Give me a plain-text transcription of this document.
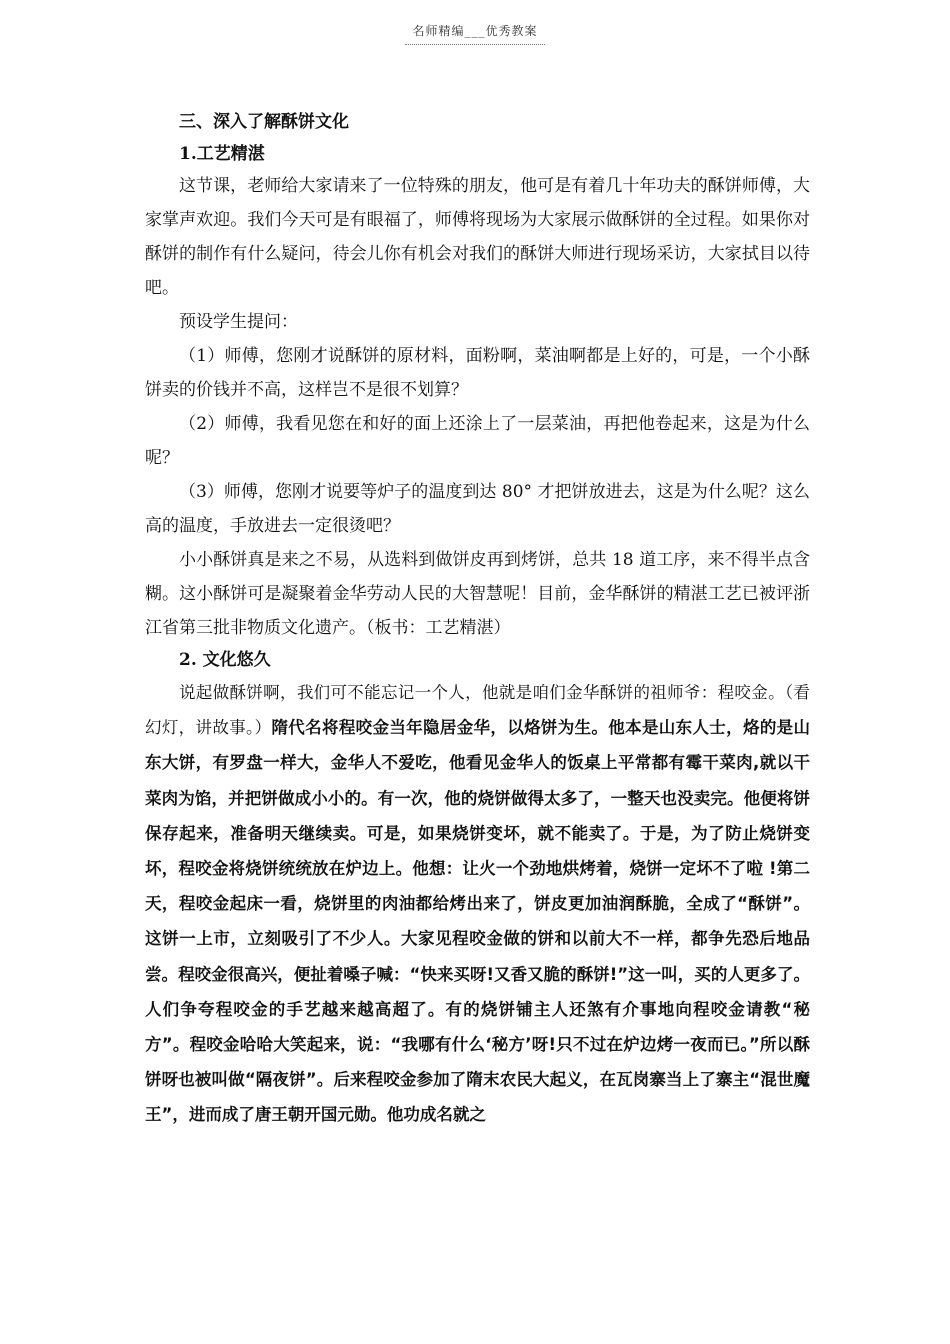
名师精编___优秀教案

三、深入了解酥饼文化

1.工艺精湛

这节课，老师给大家请来了一位特殊的朋友，他可是有着几十年功夫的酥饼师傅，大家掌声欢迎。我们今天可是有眼福了，师傅将现场为大家展示做酥饼的全过程。如果你对酥饼的制作有什么疑问，待会儿你有机会对我们的酥饼大师进行现场采访，大家拭目以待吧。

预设学生提问：

（1）师傅，您刚才说酥饼的原材料，面粉啊，菜油啊都是上好的，可是，一个小酥饼卖的价钱并不高，这样岂不是很不划算？

（2）师傅，我看见您在和好的面上还涂上了一层菜油，再把他卷起来，这是为什么呢？

（3）师傅，您刚才说要等炉子的温度到达 80° 才把饼放进去，这是为什么呢？这么高的温度，手放进去一定很烫吧？

小小酥饼真是来之不易，从选料到做饼皮再到烤饼，总共 18 道工序，来不得半点含糊。这小酥饼可是凝聚着金华劳动人民的大智慧呢！目前，金华酥饼的精湛工艺已被评浙江省第三批非物质文化遗产。（板书：工艺精湛）

2. 文化悠久

说起做酥饼啊，我们可不能忘记一个人，他就是咱们金华酥饼的祖师爷：程咬金。（看幻灯，讲故事。）隋代名将程咬金当年隐居金华，以烙饼为生。他本是山东人士，烙的是山东大饼，有罗盘一样大，金华人不爱吃，他看见金华人的饭桌上平常都有霉干菜肉,就以干菜肉为馅，并把饼做成小小的。有一次，他的烧饼做得太多了，一整天也没卖完。他便将饼保存起来，准备明天继续卖。可是，如果烧饼变坏，就不能卖了。于是，为了防止烧饼变坏，程咬金将烧饼统统放在炉边上。他想：让火一个劲地烘烤着，烧饼一定坏不了啦 !第二天，程咬金起床一看，烧饼里的肉油都给烤出来了，饼皮更加油润酥脆，全成了“酥饼”。这饼一上市，立刻吸引了不少人。大家见程咬金做的饼和以前大不一样，都争先恐后地品尝。程咬金很高兴，便扯着嗓子喊：“快来买呀!又香又脆的酥饼!”这一叫，买的人更多了。人们争夸程咬金的手艺越来越高超了。有的烧饼铺主人还煞有介事地向程咬金请教“秘方”。程咬金哈哈大笑起来，说：“我哪有什么‘秘方’呀!只不过在炉边烤一夜而已。”所以酥饼呀也被叫做“隔夜饼”。后来程咬金参加了隋末农民大起义，在瓦岗寨当上了寨主“混世魔王”，进而成了唐王朝开国元勋。他功成名就之
